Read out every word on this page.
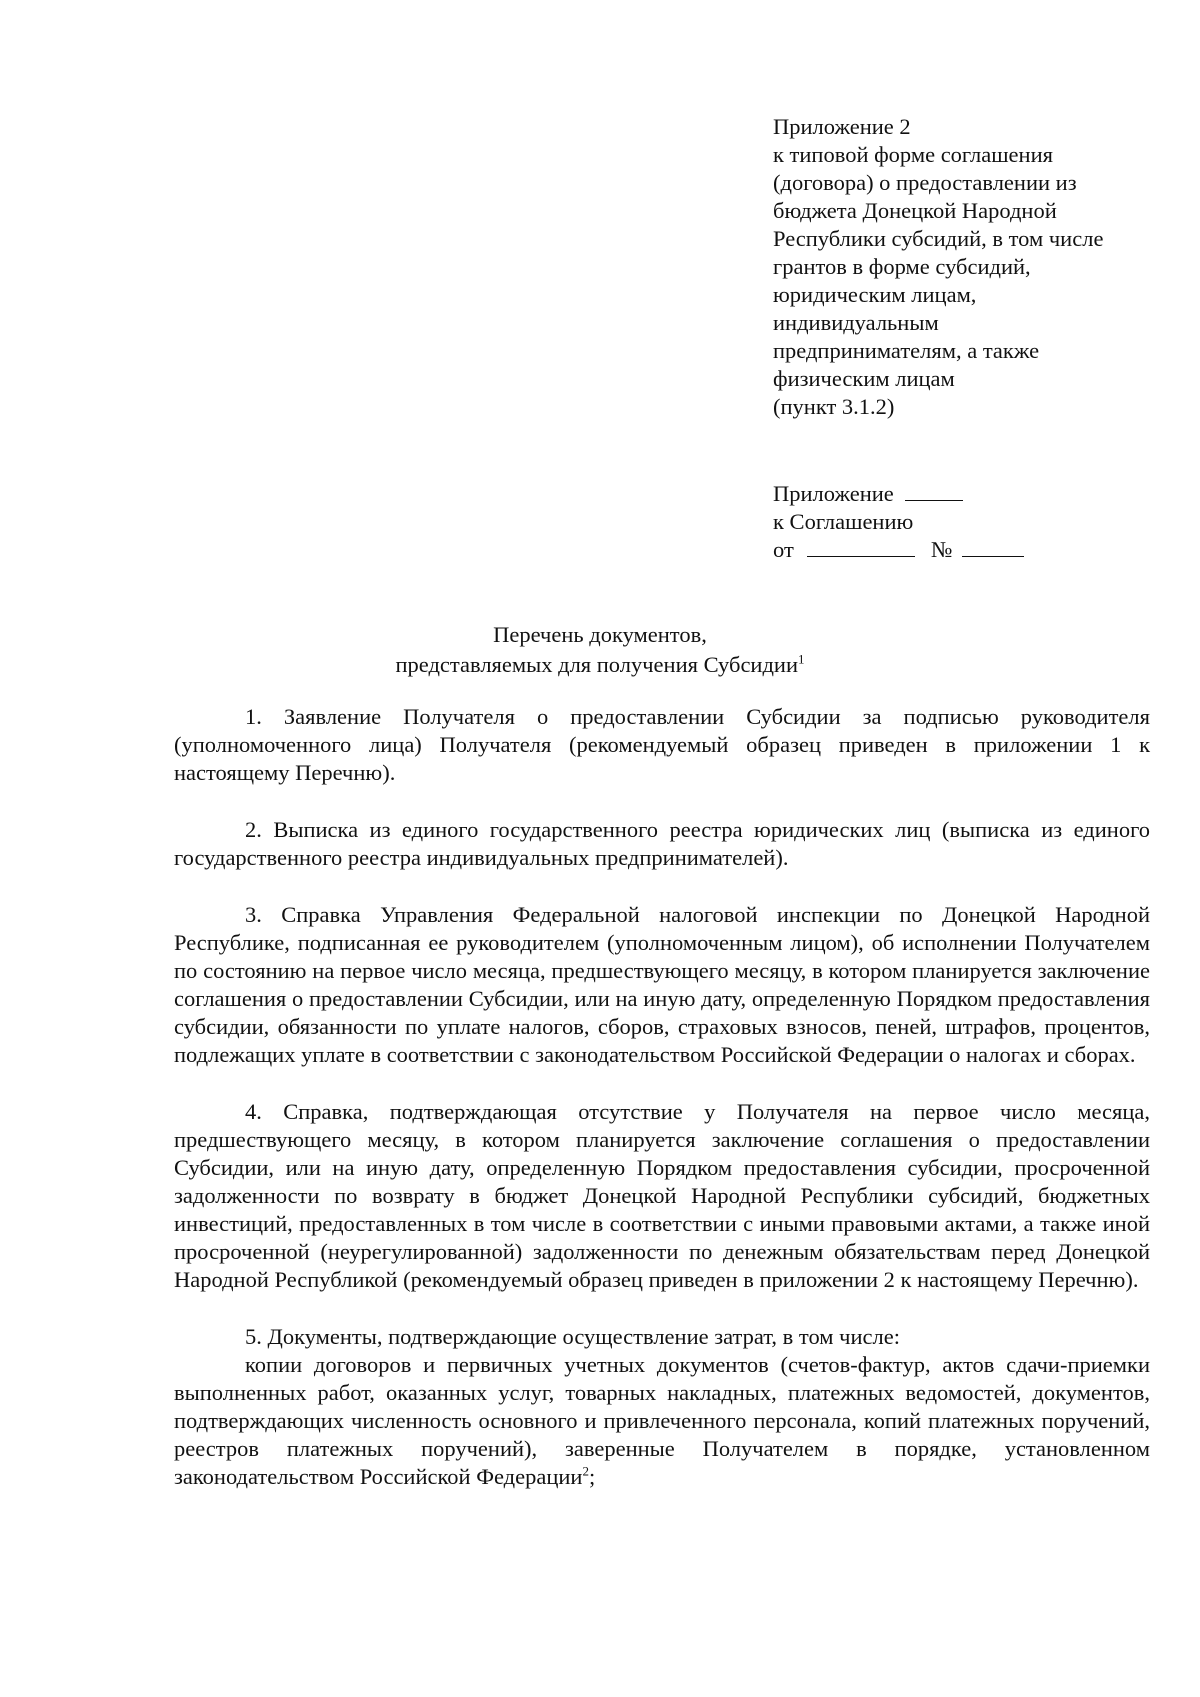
Приложение 2
к типовой форме соглашения
(договора) о предоставлении из
бюджета Донецкой Народной
Республики субсидий, в том числе
грантов в форме субсидий,
юридическим лицам,
индивидуальным
предпринимателям, а также
физическим лицам
(пункт 3.1.2)
Приложение
к Соглашению
от	№
Перечень документов,
представляемых для получения Субсидии$^1$

1. Заявление Получателя о предоставлении Субсидии за подписью руководителя (уполномоченного лица) Получателя (рекомендуемый образец приведен в приложении 1 к настоящему Перечню).

2. Выписка из единого государственного реестра юридических лиц (выписка из единого государственного реестра индивидуальных предпринимателей).

3. Справка Управления Федеральной налоговой инспекции по Донецкой Народной Республике, подписанная ее руководителем (уполномоченным лицом), об исполнении Получателем по состоянию на первое число месяца, предшествующего месяцу, в котором планируется заключение соглашения о предоставлении Субсидии, или на иную дату, определенную Порядком предоставления субсидии, обязанности по уплате налогов, сборов, страховых взносов, пеней, штрафов, процентов, подлежащих уплате в соответствии с законодательством Российской Федерации о налогах и сборах.

4. Справка, подтверждающая отсутствие у Получателя на первое число месяца, предшествующего месяцу, в котором планируется заключение соглашения о предоставлении Субсидии, или на иную дату, определенную Порядком предоставления субсидии, просроченной задолженности по возврату в бюджет Донецкой Народной Республики субсидий, бюджетных инвестиций, предоставленных в том числе в соответствии с иными правовыми актами, а также иной просроченной (неурегулированной) задолженности по денежным обязательствам перед Донецкой Народной Республикой (рекомендуемый образец приведен в приложении 2 к настоящему Перечню).

5. Документы, подтверждающие осуществление затрат, в том числе:

копии договоров и первичных учетных документов (счетов-фактур, актов сдачи-приемки выполненных работ, оказанных услуг, товарных накладных, платежных ведомостей, документов, подтверждающих численность основного и привлеченного персонала, копий платежных поручений, реестров платежных поручений), заверенные Получателем в порядке, установленном законодательством Российской Федерации$^2$;
